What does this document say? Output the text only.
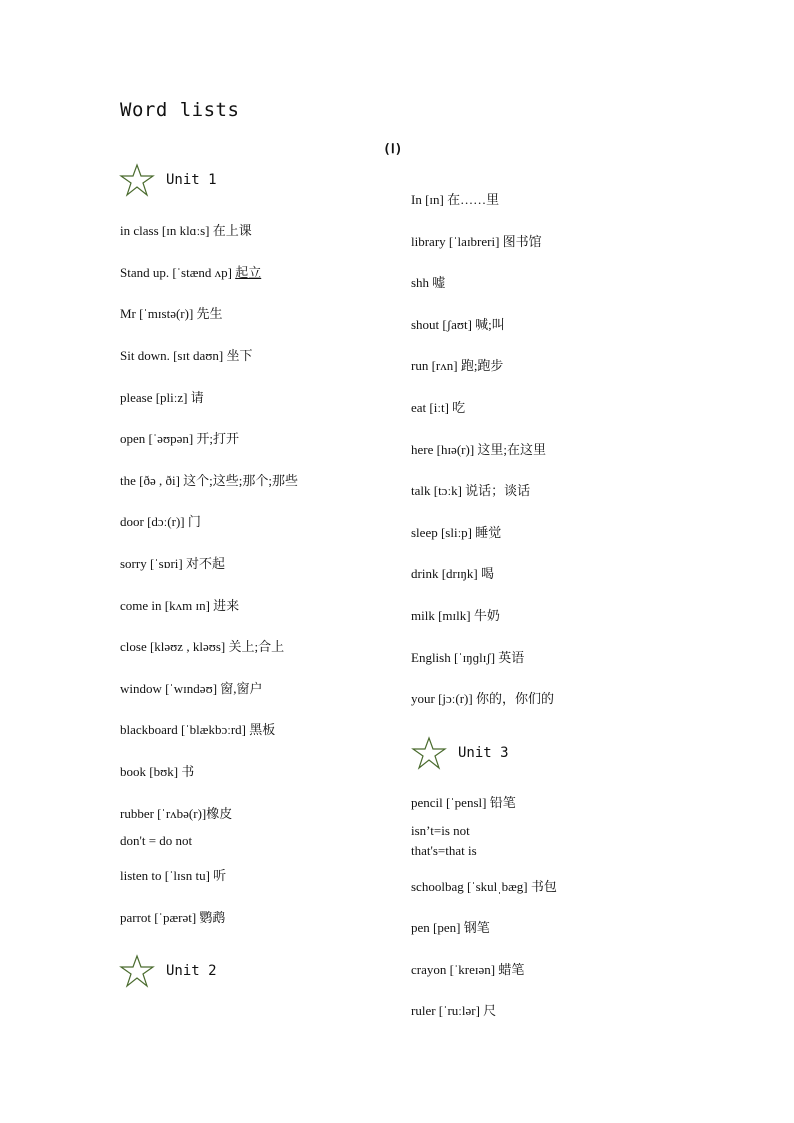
Word lists
(Ⅰ)
Unit 1
in class [ɪn klɑːs] 在上课
Stand up. [ˈstænd ʌp] 起立
Mr [ˈmɪstə(r)] 先生
Sit down. [sɪt daʊn] 坐下
please [pliːz] 请
open [ˈəʊpən] 开;打开
the [ðə , ði] 这个;这些;那个;那些
door [dɔː(r)] 门
sorry [ˈsɒri] 对不起
come in [kʌm ɪn] 进来
close [kləʊz , kləʊs] 关上;合上
window [ˈwɪndəʊ] 窗,窗户
blackboard [ˈblækbɔːrd] 黑板
book [bʊk] 书
rubber [ˈrʌbə(r)]橡皮
don't = do not
listen to [ˈlɪsn tu] 听
parrot [ˈpærət] 鹦鹉
Unit 2
In [ɪn] 在……里
library [ˈlaɪbreri] 图书馆
shh 嘘
shout [ʃaʊt] 喊;叫
run [rʌn] 跑;跑步
eat [iːt] 吃
here [hɪə(r)] 这里;在这里
talk [tɔːk] 说话；谈话
sleep [sliːp] 睡觉
drink [drɪŋk] 喝
milk [mɪlk] 牛奶
English [ˈɪŋɡlɪʃ] 英语
your [jɔː(r)] 你的，你们的
Unit 3
pencil [ˈpensl] 铅笔
isn’t=is not
that's=that is
schoolbag [ˈskulˌbæg] 书包
pen [pen] 钢笔
crayon [ˈkreɪən] 蜡笔
ruler [ˈruːlər] 尺
